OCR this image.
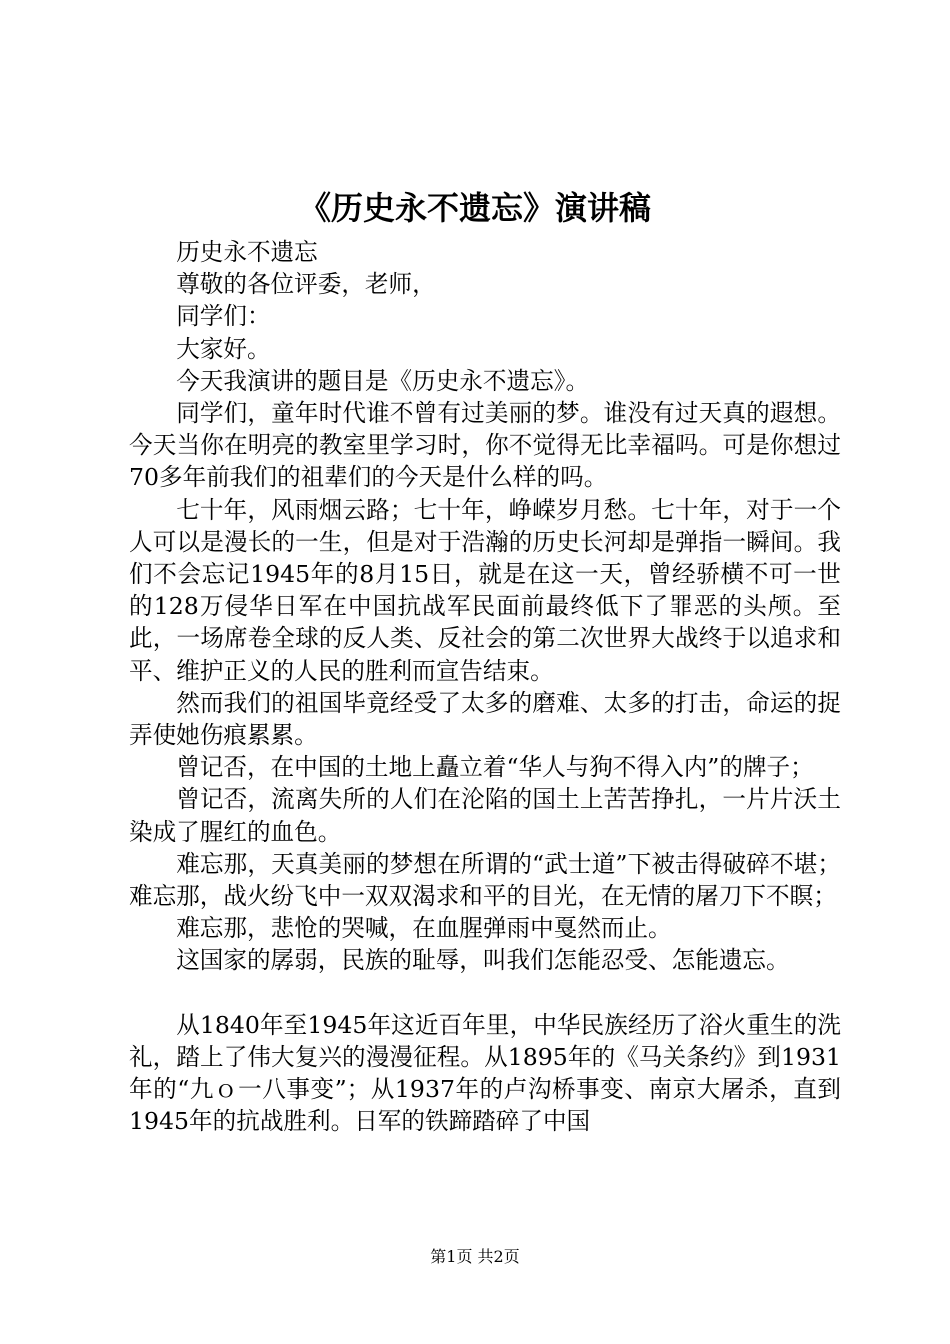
《历史永不遗忘》演讲稿

历史永不遗忘

尊敬的各位评委，老师，

同学们：

大家好。

今天我演讲的题目是《历史永不遗忘》。

同学们，童年时代谁不曾有过美丽的梦。谁没有过天真的遐想。今天当你在明亮的教室里学习时，你不觉得无比幸福吗。可是你想过70多年前我们的祖辈们的今天是什么样的吗。

七十年，风雨烟云路；七十年，峥嵘岁月愁。七十年，对于一个人可以是漫长的一生，但是对于浩瀚的历史长河却是弹指一瞬间。我们不会忘记1945年的8月15日，就是在这一天，曾经骄横不可一世的128万侵华日军在中国抗战军民面前最终低下了罪恶的头颅。至此，一场席卷全球的反人类、反社会的第二次世界大战终于以追求和平、维护正义的人民的胜利而宣告结束。

然而我们的祖国毕竟经受了太多的磨难、太多的打击，命运的捉弄使她伤痕累累。

曾记否，在中国的土地上矗立着“华人与狗不得入内”的牌子；

曾记否，流离失所的人们在沦陷的国土上苦苦挣扎，一片片沃土染成了腥红的血色。

难忘那，天真美丽的梦想在所谓的“武士道”下被击得破碎不堪；难忘那，战火纷飞中一双双渴求和平的目光，在无情的屠刀下不瞑；

难忘那，悲怆的哭喊，在血腥弹雨中戛然而止。

这国家的孱弱，民族的耻辱，叫我们怎能忍受、怎能遗忘。

从1840年至1945年这近百年里，中华民族经历了浴火重生的洗礼，踏上了伟大复兴的漫漫征程。从1895年的《马关条约》到1931年的“九ｏ一八事变”；从1937年的卢沟桥事变、南京大屠杀，直到1945年的抗战胜利。日军的铁蹄踏碎了中国

第1页 共2页
